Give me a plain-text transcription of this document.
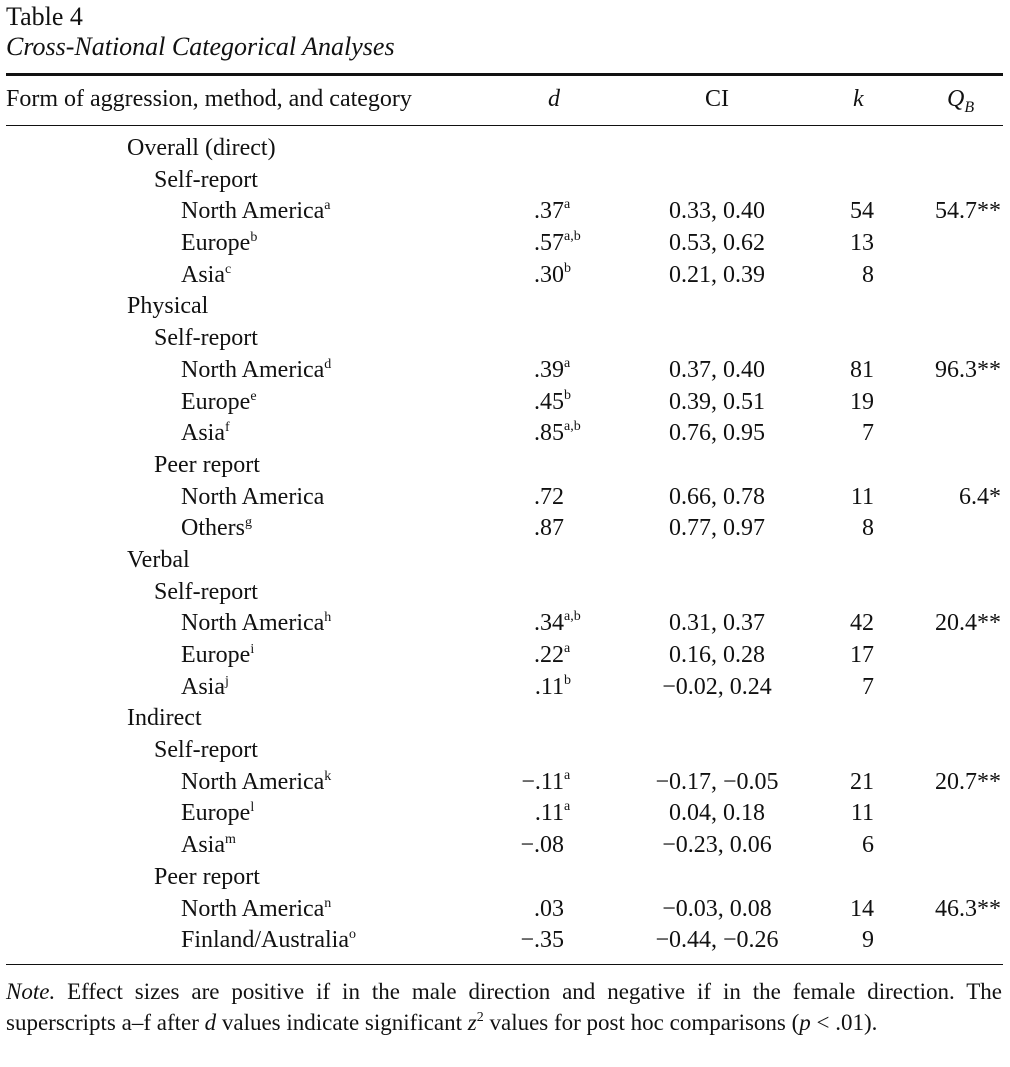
Table 4
Cross-National Categorical Analyses
Form of aggression, method, and category	d	CI	k	$Q_B$
Overall (direct)
Self-report
North America$^a$	.37 a	0.33, 0.40	54	54.7**
Europe$^b$	.57 a,b	0.53, 0.62	13
Asia$^c$	.30 b	0.21, 0.39	8
Physical
Self-report
North America$^d$	.39 a	0.37, 0.40	81	96.3**
Europe$^e$	.45 b	0.39, 0.51	19
Asia$^f$	.85 a,b	0.76, 0.95	7
Peer report
North America	.72	0.66, 0.78	11	6.4*
Others$^g$	.87	0.77, 0.97	8
Verbal
Self-report
North America$^h$	.34 a,b	0.31, 0.37	42	20.4**
Europe$^i$	.22 a	0.16, 0.28	17
Asia$^j$	.11 b	−0.02, 0.24	7
Indirect
Self-report
North America$^k$	−.11 a	−0.17, −0.05	21	20.7**
Europe$^l$	.11 a	0.04, 0.18	11
Asia$^m$	−.08	−0.23, 0.06	6
Peer report
North America$^n$	.03	−0.03, 0.08	14	46.3**
Finland/Australia$^o$	−.35	−0.44, −0.26	9
Note. Effect sizes are positive if in the male direction and negative if in the female direction. The superscripts a–f after d values indicate significant $z^2$ values for post hoc comparisons (p < .01).
